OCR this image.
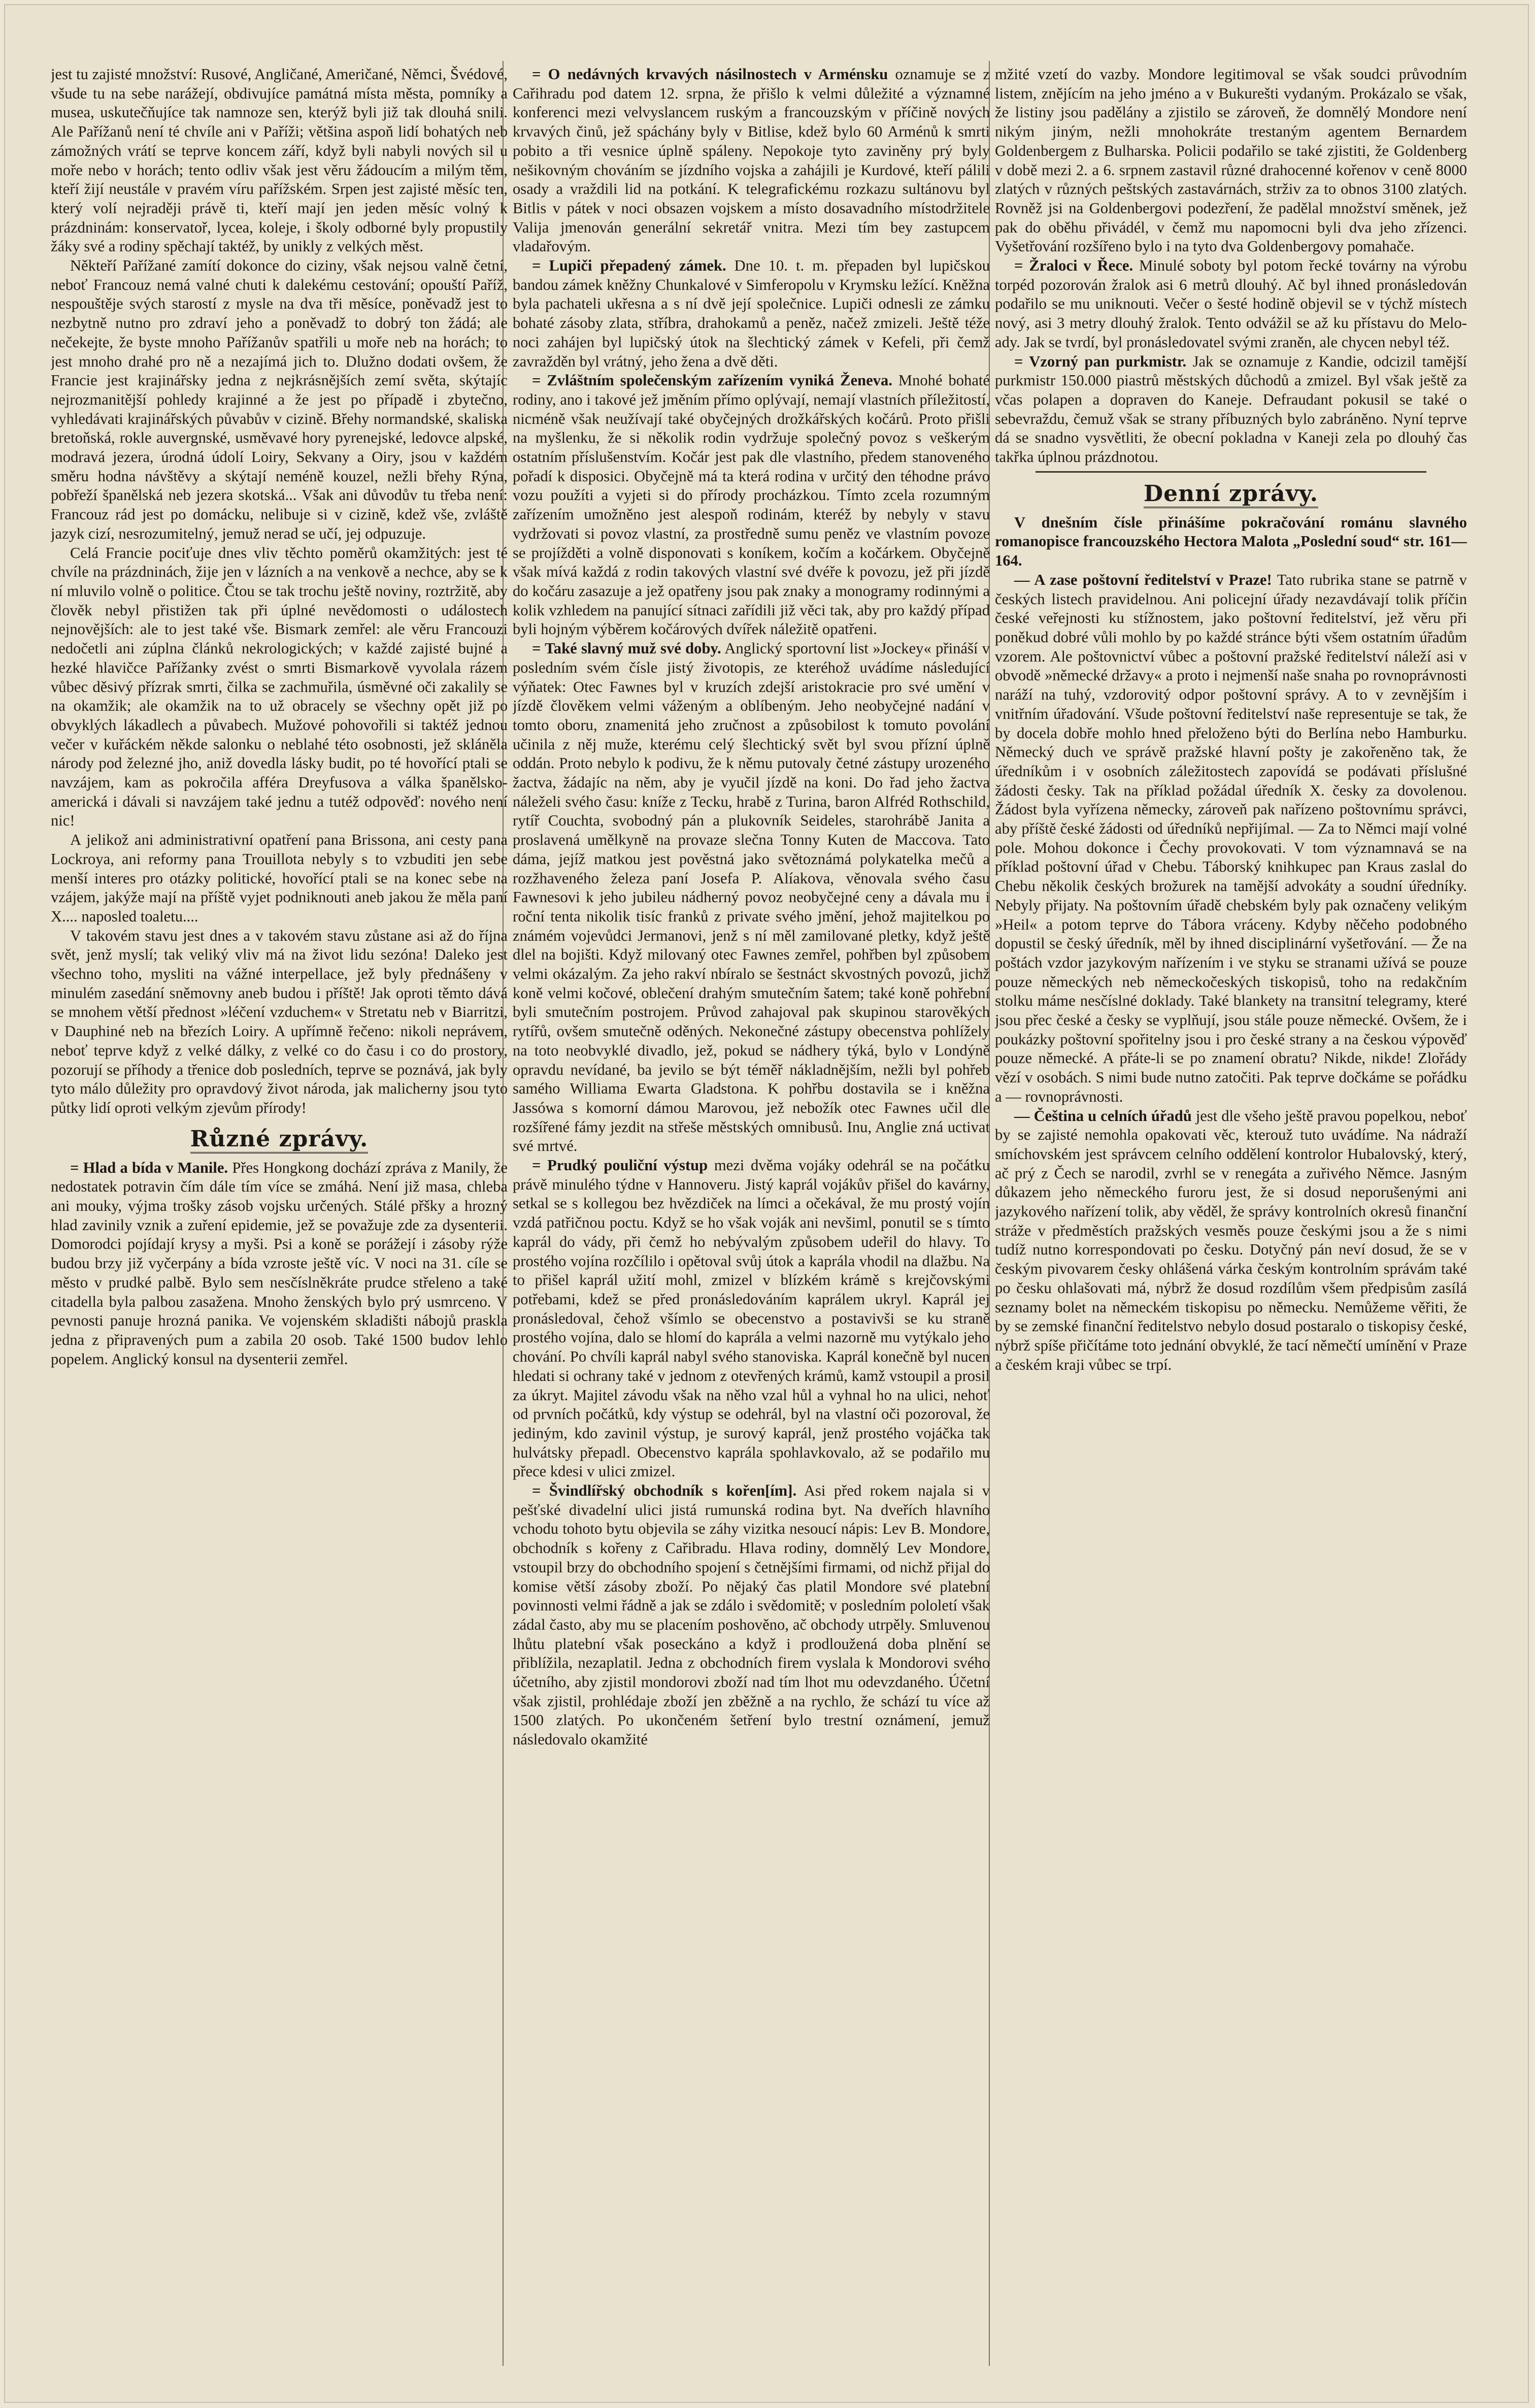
jest tu zajisté množství: Rusové, Angličané, Američané, Němci, Švédové, všude tu na sebe narážejí, obdivujíce památná místa města, pomníky a musea, uskutečňujíce tak namnoze sen, kterýž byli již tak dlouhá snili. Ale Pařížanů není té chvíle ani v Paříži; většina aspoň lidí bohatých neb zámožných vrátí se teprve koncem září, když byli nabyli nových sil u moře nebo v horách; tento odliv však jest věru žádoucím a milým těm, kteří žijí neustále v pravém víru pařížském. Srpen jest zajisté měsíc ten, který volí nejraději právě ti, kteří mají jen jeden měsíc volný k prázdninám: konservatoř, lycea, koleje, i školy odborné byly propustily žáky své a rodiny spěchají taktéž, by unikly z velkých měst.

Někteří Pařížané zamítí dokonce do ciziny, však nejsou valně četní, neboť Francouz nemá valné chuti k dalekému cestování; opouští Paříž, nespouštěje svých starostí z mysle na dva tři měsíce, poněvadž jest to nezbytně nutno pro zdraví jeho a poněvadž to dobrý ton žádá; ale nečekejte, že byste mnoho Pařížanův spatřili u moře neb na horách; to jest mnoho drahé pro ně a nezajímá jich to. Dlužno dodati ovšem, že Francie jest krajinářsky jedna z nejkrásnějších zemí světa, skýtajíc nejrozmanitější pohledy krajinné a že jest po případě i zbytečno, vyhledávati krajinářských půvabův v cizině. Břehy normandské, skaliska bretoňská, rokle auvergnské, usměvavé hory pyrenejské, ledovce alpské, modravá jezera, úrodná údolí Loiry, Sekvany a Oiry, jsou v každém směru hodna návštěvy a skýtají neméně kouzel, nežli břehy Rýna, pobřeží španělská neb jezera skotská... Však ani důvodův tu třeba není: Francouz rád jest po domácku, nelibuje si v cizině, kdež vše, zvláště jazyk cizí, nesrozumitelný, jemuž nerad se učí, jej odpuzuje.

Celá Francie pociťuje dnes vliv těchto poměrů okamžitých: jest té chvíle na prázdninách, žije jen v lázních a na venkově a nechce, aby se k ní mluvilo volně o politice. Čtou se tak trochu ještě noviny, roztržitě, aby člověk nebyl přistižen tak při úplné nevědomosti o událostech nejnovějších: ale to jest také vše. Bismark zemřel: ale věru Francouzi nedočetli ani zúplna článků nekrologických; v každé zajisté bujné a hezké hlavičce Pařížanky zvést o smrti Bismarkově vyvolala rázem vůbec děsivý přízrak smrti, čilka se zachmuřila, úsměvné oči zakalily se na okamžik; ale okamžik na to už obracely se všechny opět již po obvyklých lákadlech a půvabech. Mužové pohovořili si taktéž jednou večer v kuřáckém někde salonku o neblahé této osobnosti, jež skláněla národy pod železné jho, aniž dovedla lásky budit, po té hovořící ptali se navzájem, kam as pokročila afféra Dreyfusova a válka španělsko-americká i dávali si navzájem také jednu a tutéž odpověď: nového není nic!

A jelikož ani administrativní opatření pana Brissona, ani cesty pana Lockroya, ani reformy pana Trouillota nebyly s to vzbuditi jen sebe menší interes pro otázky politické, hovořící ptali se na konec sebe na vzájem, jakýže mají na příště vyjet podniknouti aneb jakou že měla paní X.... naposled toaletu....

V takovém stavu jest dnes a v takovém stavu zůstane asi až do října svět, jenž myslí; tak veliký vliv má na život lidu sezóna! Daleko jest všechno toho, mysliti na vážné interpellace, jež byly přednášeny v minulém zasedání sněmovny aneb budou i příště! Jak oproti těmto dává se mnohem větší přednost »léčení vzduchem« v Stretatu neb v Biarritzi, v Dauphiné neb na březích Loiry. A upřímně řečeno: nikoli neprávem, neboť teprve když z velké dálky, z velké co do času i co do prostory, pozorují se příhody a třenice dob posledních, teprve se poznává, jak byly tyto málo důležity pro opravdový život národa, jak malicherny jsou tyto půtky lidí oproti velkým zjevům přírody!

Různé zprávy.

= Hlad a bída v Manile. Přes Hongkong dochází zpráva z Manily, že nedostatek potravin čím dále tím více se zmáhá. Není již masa, chleba ani mouky, výjma trošky zásob vojsku určených. Stálé přšky a hrozný hlad zavinily vznik a zuření epidemie, jež se považuje zde za dysenterii. Domorodci pojídají krysy a myši. Psi a koně se porážejí i zásoby rýže budou brzy již vyčerpány a bída vzroste ještě víc. V noci na 31. cíle se město v prudké palbě. Bylo sem nesčíslněkráte prudce střeleno a také citadella byla palbou zasažena. Mnoho ženských bylo prý usmrceno. V pevnosti panuje hrozná panika. Ve vojenském skladišti nábojů praskla jedna z připravených pum a zabila 20 osob. Také 1500 budov lehlo popelem. Anglický konsul na dysenterii zemřel.

= O nedávných krvavých násilnostech v Arménsku oznamuje se z Cařihradu pod datem 12. srpna, že přišlo k velmi důležité a významné konferenci mezi velvyslancem ruským a francouzským v příčině nových krvavých činů, jež spáchány byly v Bitlise, kdež bylo 60 Arménů k smrti pobito a tři vesnice úplně spáleny. Nepokoje tyto zaviněny prý byly nešikovným chováním se jízdního vojska a zahájili je Kurdové, kteří pálili osady a vraždili lid na potkání. K telegrafickému rozkazu sultánovu byl Bitlis v pátek v noci obsazen vojskem a místo dosavadního místodržitele Valija jmenován generální sekretář vnitra. Mezi tím bey zastupcem vladařovým.

= Lupiči přepadený zámek. Dne 10. t. m. přepaden byl lupičskou bandou zámek kněžny Chunkalové v Simferopolu v Krymsku ležící. Kněžna byla pachateli ukřesna a s ní dvě její společnice. Lupiči odnesli ze zámku bohaté zásoby zlata, stříbra, drahokamů a peněz, načež zmizeli. Ještě téže noci zahájen byl lupičský útok na šlechtický zámek v Kefeli, při čemž zavražděn byl vrátný, jeho žena a dvě děti.

= Zvláštním společenským zařízením vyniká Ženeva. Mnohé bohaté rodiny, ano i takové jež jměním přímo oplývají, nemají vlastních příležitostí, nicméně však neužívají také obyčejných drožkářských kočárů. Proto přišli na myšlenku, že si několik rodin vydržuje společný povoz s veškerým ostatním příslušenstvím. Kočár jest pak dle vlastního, předem stanoveného pořadí k disposici. Obyčejně má ta která rodina v určitý den téhodne právo vozu použíti a vyjeti si do přírody procházkou. Tímto zcela rozumným zařízením umožněno jest alespoň rodinám, kteréž by nebyly v stavu vydržovati si povoz vlastní, za prostředně sumu peněz ve vlastním povoze se projížděti a volně disponovati s koníkem, kočím a kočárkem. Obyčejně však mívá každá z rodin takových vlastní své dvéře k povozu, jež při jízdě do kočáru zasazuje a jež opatřeny jsou pak znaky a monogramy rodinnými a kolik vzhledem na panující sítnaci zařídili již věci tak, aby pro každý případ byli hojným výběrem kočárových dvířek náležitě opatřeni.

= Také slavný muž své doby. Anglický sportovní list »Jockey« přináší v posledním svém čísle jistý životopis, ze kteréhož uvádíme následující výňatek: Otec Fawnes byl v kruzích zdejší aristokracie pro své umění v jízdě člověkem velmi váženým a oblíbeným. Jeho neobyčejné nadání v tomto oboru, znamenitá jeho zručnost a způsobilost k tomuto povolání učinila z něj muže, kterému celý šlechtický svět byl svou přízní úplně oddán. Proto nebylo k podivu, že k němu putovaly četné zástupy urozeného žactva, žádajíc na něm, aby je vyučil jízdě na koni. Do řad jeho žactva náleželi svého času: kníže z Tecku, hrabě z Turina, baron Alfréd Rothschild, rytíř Couchta, svobodný pán a plukovník Seideles, starohrábě Janita a proslavená umělkyně na provaze slečna Tonny Kuten de Maccova. Tato dáma, jejíž matkou jest pověstná jako světoznámá polykatelka mečů a rozžhaveného železa paní Josefa P. Alíakova, věnovala svého času Fawnesovi k jeho jubileu nádherný povoz neobyčejné ceny a dávala mu i roční tenta nikolik tisíc franků z private svého jmění, jehož majitelkou po známém vojevůdci Jermanovi, jenž s ní měl zamilované pletky, když ještě dlel na bojišti. Když milovaný otec Fawnes zemřel, pohřben byl způsobem velmi okázalým. Za jeho rakví nbíralo se šestnáct skvostných povozů, jichž koně velmi kočové, oblečení drahým smutečním šatem; také koně pohřební byli smutečním postrojem. Průvod zahajoval pak skupinou starověkých rytířů, ovšem smutečně oděných. Nekonečné zástupy obecenstva pohlížely na toto neobvyklé divadlo, jež, pokud se nádhery týká, bylo v Londýně opravdu nevídané, ba jevilo se být téměř nákladnějším, nežli byl pohřeb samého Williama Ewarta Gladstona. K pohřbu dostavila se i kněžna Jassówa s komorní dámou Marovou, jež nebožík otec Fawnes učil dle rozšířené fámy jezdit na střeše městských omnibusů. Inu, Anglie zná uctivat své mrtvé.

= Prudký pouliční výstup mezi dvěma vojáky odehrál se na počátku právě minulého týdne v Hannoveru. Jistý kaprál vojákův přišel do kavárny, setkal se s kollegou bez hvězdiček na límci a očekával, že mu prostý vojín vzdá patřičnou poctu. Když se ho však voják ani nevšiml, ponutil se s tímto kaprál do vády, při čemž ho nebývalým způsobem udeřil do hlavy. To prostého vojína rozčílilo i opětoval svůj útok a kaprála vhodil na dlažbu. Na to přišel kaprál užití mohl, zmizel v blízkém krámě s krejčovskými potřebami, kdež se před pronásledováním kaprálem ukryl. Kaprál jej pronásledoval, čehož všímlo se obecenstvo a postavivši se ku straně prostého vojína, dalo se hlomí do kaprála a velmi nazorně mu vytýkalo jeho chování. Po chvíli kaprál nabyl svého stanoviska. Kaprál konečně byl nucen hledati si ochrany také v jednom z otevřených krámů, kamž vstoupil a prosil za úkryt. Majitel závodu však na něho vzal hůl a vyhnal ho na ulici, nehoť od prvních počátků, kdy výstup se odehrál, byl na vlastní oči pozoroval, že jediným, kdo zavinil výstup, je surový kaprál, jenž prostého vojáčka tak hulvátsky přepadl. Obecenstvo kaprála spohlavkovalo, až se podařilo mu přece kdesi v ulici zmizel.

= Švindlířský obchodník s kořen[ím]. Asi před rokem najala si v pešťské divadelní ulici jistá rumunská rodina byt. Na dveřích hlavního vchodu tohoto bytu objevila se záhy vizitka nesoucí nápis: Lev B. Mondore, obchodník s kořeny z Cařibradu. Hlava rodiny, domnělý Lev Mondore, vstoupil brzy do obchodního spojení s četnějšími firmami, od nichž přijal do komise větší zásoby zboží. Po nějaký čas platil Mondore své platební povinnosti velmi řádně a jak se zdálo i svědomitě; v posledním pololetí však zádal často, aby mu se placením poshověno, ač obchody utrpěly. Smluvenou lhůtu platební však poseckáno a když i prodloužená doba plnění se přiblížila, nezaplatil. Jedna z obchodních firem vyslala k Mondorovi svého účetního, aby zjistil mondorovi zboží nad tím lhot mu odevzdaného. Účetní však zjistil, prohlédaje zboží jen zběžně a na rychlo, že schází tu více až 1500 zlatých. Po ukončeném šetření bylo trestní oznámení, jemuž následovalo okamžité

mžité vzetí do vazby. Mondore legitimoval se však soudci průvodním listem, znějícím na jeho jméno a v Bukurešti vydaným. Prokázalo se však, že listiny jsou padělány a zjistilo se zároveň, že domnělý Mondore není nikým jiným, nežli mnohokráte trestaným agentem Bernardem Goldenbergem z Bulharska. Policii podařilo se také zjistiti, že Goldenberg v době mezi 2. a 6. srpnem zastavil různé drahocenné kořenov v ceně 8000 zlatých v různých peštských zastavárnách, strživ za to obnos 3100 zlatých. Rovněž jsi na Goldenbergovi podezření, že padělal množství směnek, jež pak do oběhu přivádél, v čemž mu napomocni byli dva jeho zřízenci. Vyšetřování rozšířeno bylo i na tyto dva Goldenbergovy pomahače.

= Žraloci v Řece. Minulé soboty byl potom řecké továrny na výrobu torpéd pozorován žralok asi 6 metrů dlouhý. Ač byl ihned pronásledován podařilo se mu uniknouti. Večer o šesté hodině objevil se v týchž místech nový, asi 3 metry dlouhý žralok. Tento odvážil se až ku přístavu do Melo-ady. Jak se tvrdí, byl pronásledovatel svými zraněn, ale chycen nebyl též.

= Vzorný pan purkmistr. Jak se oznamuje z Kandie, odcizil tamější purkmistr 150.000 piastrů městských důchodů a zmizel. Byl však ještě za včas polapen a dopraven do Kaneje. Defraudant pokusil se také o sebevraždu, čemuž však se strany příbuzných bylo zabráněno. Nyní teprve dá se snadno vysvětliti, že obecní pokladna v Kaneji zela po dlouhý čas takřka úplnou prázdnotou.

Denní zprávy.

V dnešním čísle přinášíme pokračování románu slavného romanopisce francouzského Hectora Malota „Poslední soud“ str. 161—164.

— A zase poštovní ředitelství v Praze! Tato rubrika stane se patrně v českých listech pravidelnou. Ani policejní úřady nezavdávají tolik příčin české veřejnosti ku stížnostem, jako poštovní ředitelství, jež věru při poněkud dobré vůli mohlo by po každé stránce býti všem ostatním úřadům vzorem. Ale poštovnictví vůbec a poštovní pražské ředitelství náleží asi v obvodě »německé državy« a proto i nejmenší naše snaha po rovnoprávnosti naráží na tuhý, vzdorovitý odpor poštovní správy. A to v zevnějším i vnitřním úřadování. Všude poštovní ředitelství naše representuje se tak, že by docela dobře mohlo hned přeloženo býti do Berlína nebo Hamburku. Německý duch ve správě pražské hlavní pošty je zakořeněno tak, že úředníkům i v osobních záležitostech zapovídá se podávati příslušné žádosti česky. Tak na příklad požádal úředník X. česky za dovolenou. Žádost byla vyřízena německy, zároveň pak nařízeno poštovnímu správci, aby příště české žádosti od úředníků nepřijímal. — Za to Němci mají volné pole. Mohou dokonce i Čechy provokovati. V tom významnavá se na příklad poštovní úřad v Chebu. Táborský knihkupec pan Kraus zaslal do Chebu několik českých brožurek na tamější advokáty a soudní úředníky. Nebyly přijaty. Na poštovním úřadě chebském byly pak označeny velikým »Heil« a potom teprve do Tábora vráceny. Kdyby něčeho podobného dopustil se český úředník, měl by ihned disciplinární vyšetřování. — Že na poštách vzdor jazykovým nařízením i ve styku se stranami užívá se pouze pouze německých neb německočeských tiskopisů, toho na redakčním stolku máme nesčíslné doklady. Také blankety na transitní telegramy, které jsou přec české a česky se vyplňují, jsou stále pouze německé. Ovšem, že i poukázky poštovní spořitelny jsou i pro české strany a na českou výpověď pouze německé. A přáte-li se po znamení obratu? Nikde, nikde! Zlořády vězí v osobách. S nimi bude nutno zatočiti. Pak teprve dočkáme se pořádku a — rovnoprávnosti.

— Čeština u celních úřadů jest dle všeho ještě pravou popelkou, neboť by se zajisté nemohla opakovati věc, kterouž tuto uvádíme. Na nádraží smíchovském jest správcem celního oddělení kontrolor Hubalovský, který, ač prý z Čech se narodil, zvrhl se v renegáta a zuřivého Němce. Jasným důkazem jeho německého furoru jest, že si dosud neporušenými ani jazykového nařízení tolik, aby věděl, že správy kontrolních okresů finanční stráže v předměstích pražských vesměs pouze českými jsou a že s nimi tudíž nutno korrespondovati po česku. Dotyčný pán neví dosud, že se v českým pivovarem česky ohlášená várka českým kontrolním správám také po česku ohlašovati má, nýbrž že dosud rozdílům všem předpisům zasílá seznamy bolet na německém tiskopisu po německu. Nemůžeme věřiti, že by se zemské finanční ředitelstvo nebylo dosud postaralo o tiskopisy české, nýbrž spíše přičítáme toto jednání obvyklé, že tací němečtí umínění v Praze a českém kraji vůbec se trpí.
